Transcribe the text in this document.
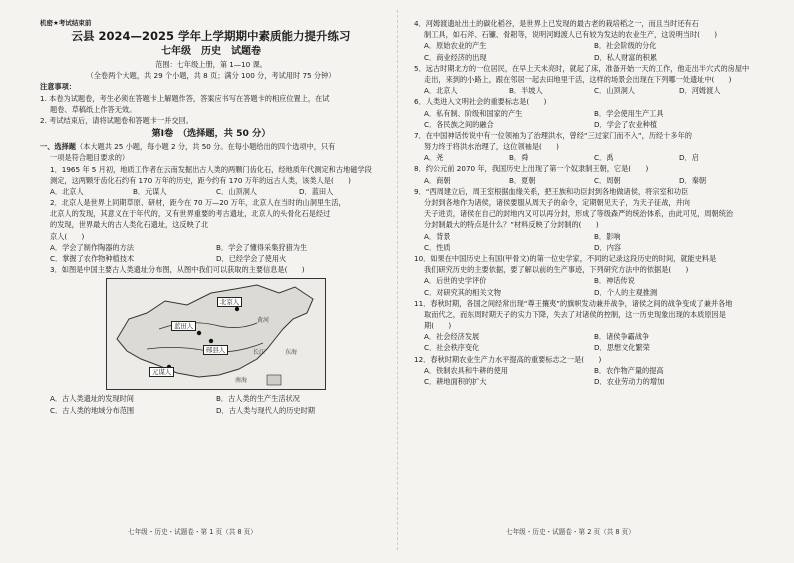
机密★考试结束前
云县 2024—2025 学年上学期期中素质能力提升练习
七年级　历史　试题卷
范围：七年级上册，第 1—10 课。
（全卷两个大题，共 29 个小题，共 8 页；满分 100 分，考试用时 75 分钟）
注意事项：
1. 本卷为试题卷，考生必须在答题卡上解题作答，答案应书写在答题卡的相应位置上，在试
题卷、草稿纸上作答无效。
2. 考试结束后，请将试题卷和答题卡一并交回。
第Ⅰ卷　（选择题，共 50 分）
一、选择题（本大题共 25 小题，每小题 2 分，共 50 分。在每小题给出的四个选项中，只有
一项是符合题目要求的）
1．1965 年 5 月初，地质工作者在云南发掘出古人类的两颗门齿化石，经地质年代测定和古地磁学段
测定，这两颗牙齿化石约有 170 万年的历史，距今约有 170 万年的远古人类，该类人是(　　)
A．北京人	B．元谋人	C．山顶洞人	D．蓝田人
2．北京人是世界上同期草原、研材，距今在 70 万—20 万年，北京人在当时的山洞里生活，
北京人的发现，其意义在于年代的，又有世界重要的考古遗址，北京人的头骨化石是经过
的发现，世界最大的古人类化石遗址，这反映了北
京人(　　)
A．学会了制作陶器的方法	B．学会了懂得采集狩猎为生
C．掌握了农作物种植技术	D．已经学会了使用火
3．如图是中国主要古人类遗址分布图，从图中我们可以获取的主要信息是(　　)
北京人
蓝田人
郧县人
元谋人
黄河
长江	东海
南海
A．古人类遗址的发现时间	B．古人类的生产生活状况
C．古人类的地域分布范围	D．古人类与现代人的历史时期
4．河姆渡遗址出土的碳化稻谷，是世界上已发现的最古老的栽培稻之一，而且当时还有石
制工具，如石斧、石镰、骨耜等，说明河姆渡人已有较为发达的农业生产，这说明当时(　　)
A．原始农业的产生	B．社会阶级的分化
C．商业经济的出现	D．私人财富的积累
5．远古时期北方的一位居民，在早上天未亮时，就起了床，准备开始一天的工作，他走出半穴式的房屋中
走出，来到的小路上，跟在邻居一起去田地里干活，这样的场景会出现在下列哪一处遗址中(　　)
A．北京人	B．半坡人	C．山顶洞人	D．河姆渡人
6．人类进入文明社会的重要标志是(　　)
A．私有制、阶级和国家的产生	B．学会使用生产工具
C．各民族之间的融合	D．学会了农业种植
7．在中国神话传说中有一位领袖为了治理洪水，曾经“三过家门而不入”，历经十多年的
努力终于将洪水治理了，这位领袖是(　　)
A．尧	B．舜	C．禹	D．启
8．约公元前 2070 年，我国历史上出现了第一个奴隶制王朝，它是(　　)
A．商朝	B．夏朝	C．周朝	D．秦朝
9．“西周建立后，周王室根据血缘关系，把王族和功臣封到各地做诸侯，将宗室和功臣
分封到各地作为诸侯，诸侯要服从周天子的命令，定期朝见天子，为天子征战，并向
天子进贡，诸侯在自己的封地内又可以再分封，形成了等级森严的统治体系，由此可见，周朝统治
分封制最大的特点是什么？”材料反映了分封制的(　　)
A．背景	B．影响
C．性质	D．内容
10．如果在中国历史上有国(甲骨文)的第一位史学家，不同的记录这段历史的时间，就能史料是
我们研究历史的主要依据，要了解以前的生产事迹，下列研究方法中的依据是(　　)
A．后世的史学评价	B．神话传说
C．对研究其的相关文物	D．个人的主观推测
11．春秋时期，各国之间经常出现“尊王攘夷”的旗帜发动兼并战争，诸侯之间的战争变成了兼并各地
取而代之，而东周时期天子的实力下降，失去了对诸侯的控制，这一历史现象出现的本质原因是
期(　　)
A．社会经济发展	B．诸侯争霸战争
C．社会秩序变化	D．思想文化繁荣
12．春秋时期农业生产力水平提高的重要标志之一是(　　)
A．铁制农具和牛耕的使用	B．农作物产量的提高
C．耕地面积的扩大	D．农业劳动力的增加
七年级・历史・试题卷・第 1 页（共 8 页）	七年级・历史・试题卷・第 2 页（共 8 页）
